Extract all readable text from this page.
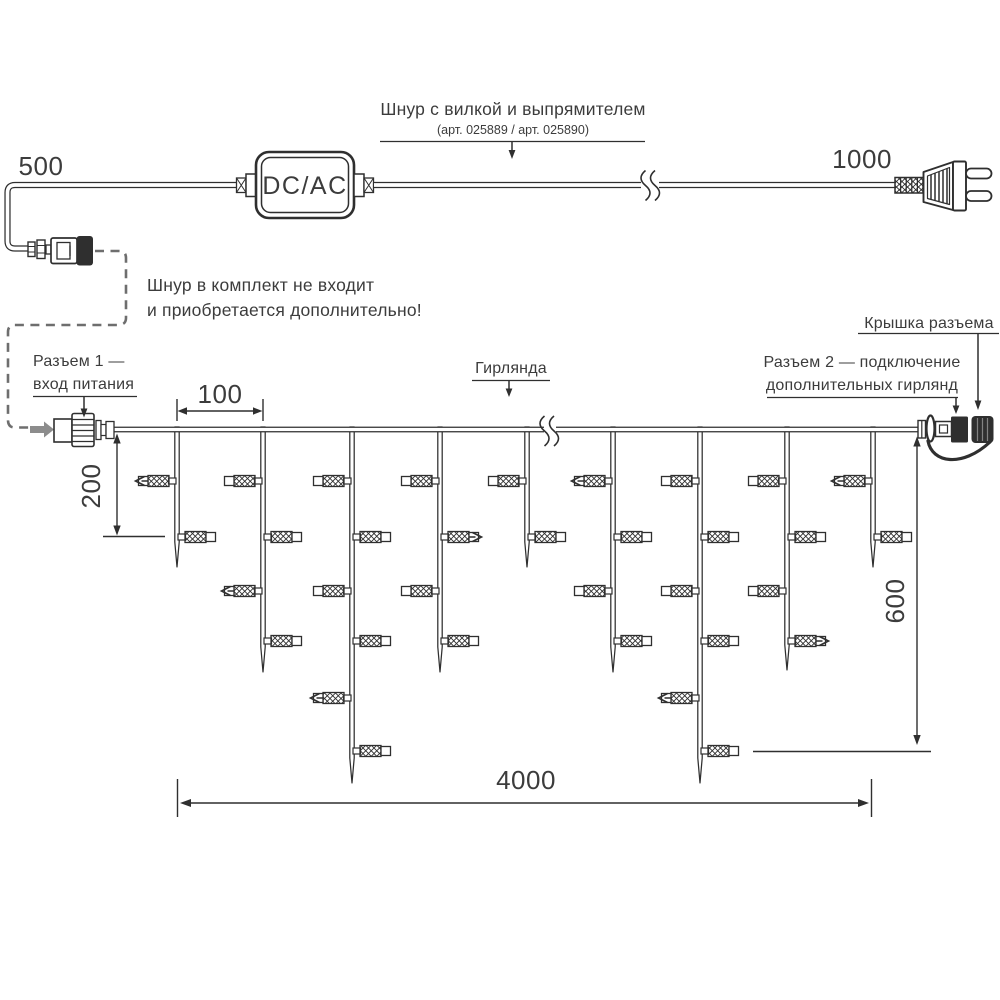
500	1000
DC/AC
Шнур с вилкой и выпрямителем
(арт. 025889 / арт. 025890)
Шнур в комплект не входит
и приобретается дополнительно!
100
200
600
4000
Разъем 1 —
вход питания
Гирлянда	Разъем 2 — подключение
дополнительных гирлянд
Крышка разъема
